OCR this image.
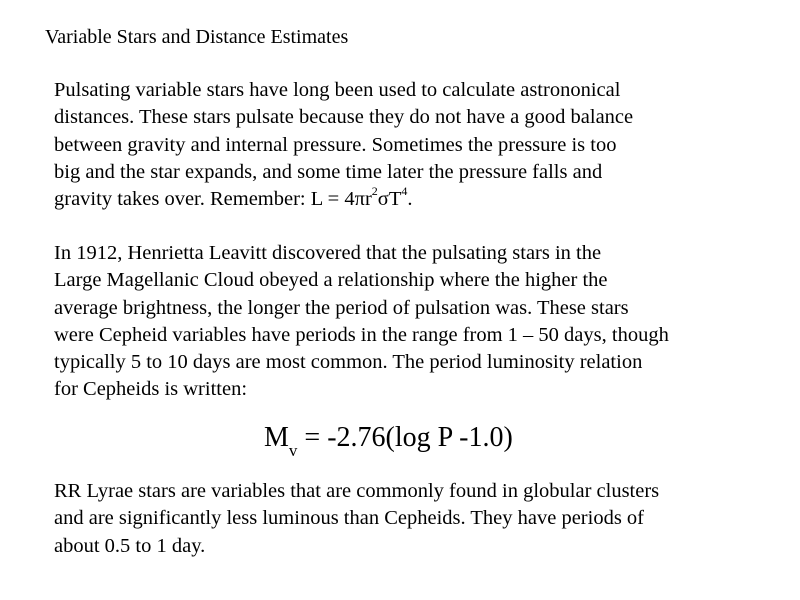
Variable Stars and Distance Estimates
Pulsating variable stars have long been used to calculate astrononical
distances. These stars pulsate because they do not have a good balance
between gravity and internal pressure. Sometimes the pressure is too
big and the star expands, and some time later the pressure falls and
gravity takes over. Remember: $L = 4\pi r^2\sigma T^4$.
In 1912, Henrietta Leavitt discovered that the pulsating stars in the
Large Magellanic Cloud obeyed a relationship where the higher the
average brightness, the longer the period of pulsation was. These stars
were Cepheid variables have periods in the range from 1 – 50 days, though
typically 5 to 10 days are most common. The period luminosity relation
for Cepheids is written:
$M_v = -2.76(\log$ P -1.0)
RR Lyrae stars are variables that are commonly found in globular clusters
and are significantly less luminous than Cepheids. They have periods of
about 0.5 to 1 day.
